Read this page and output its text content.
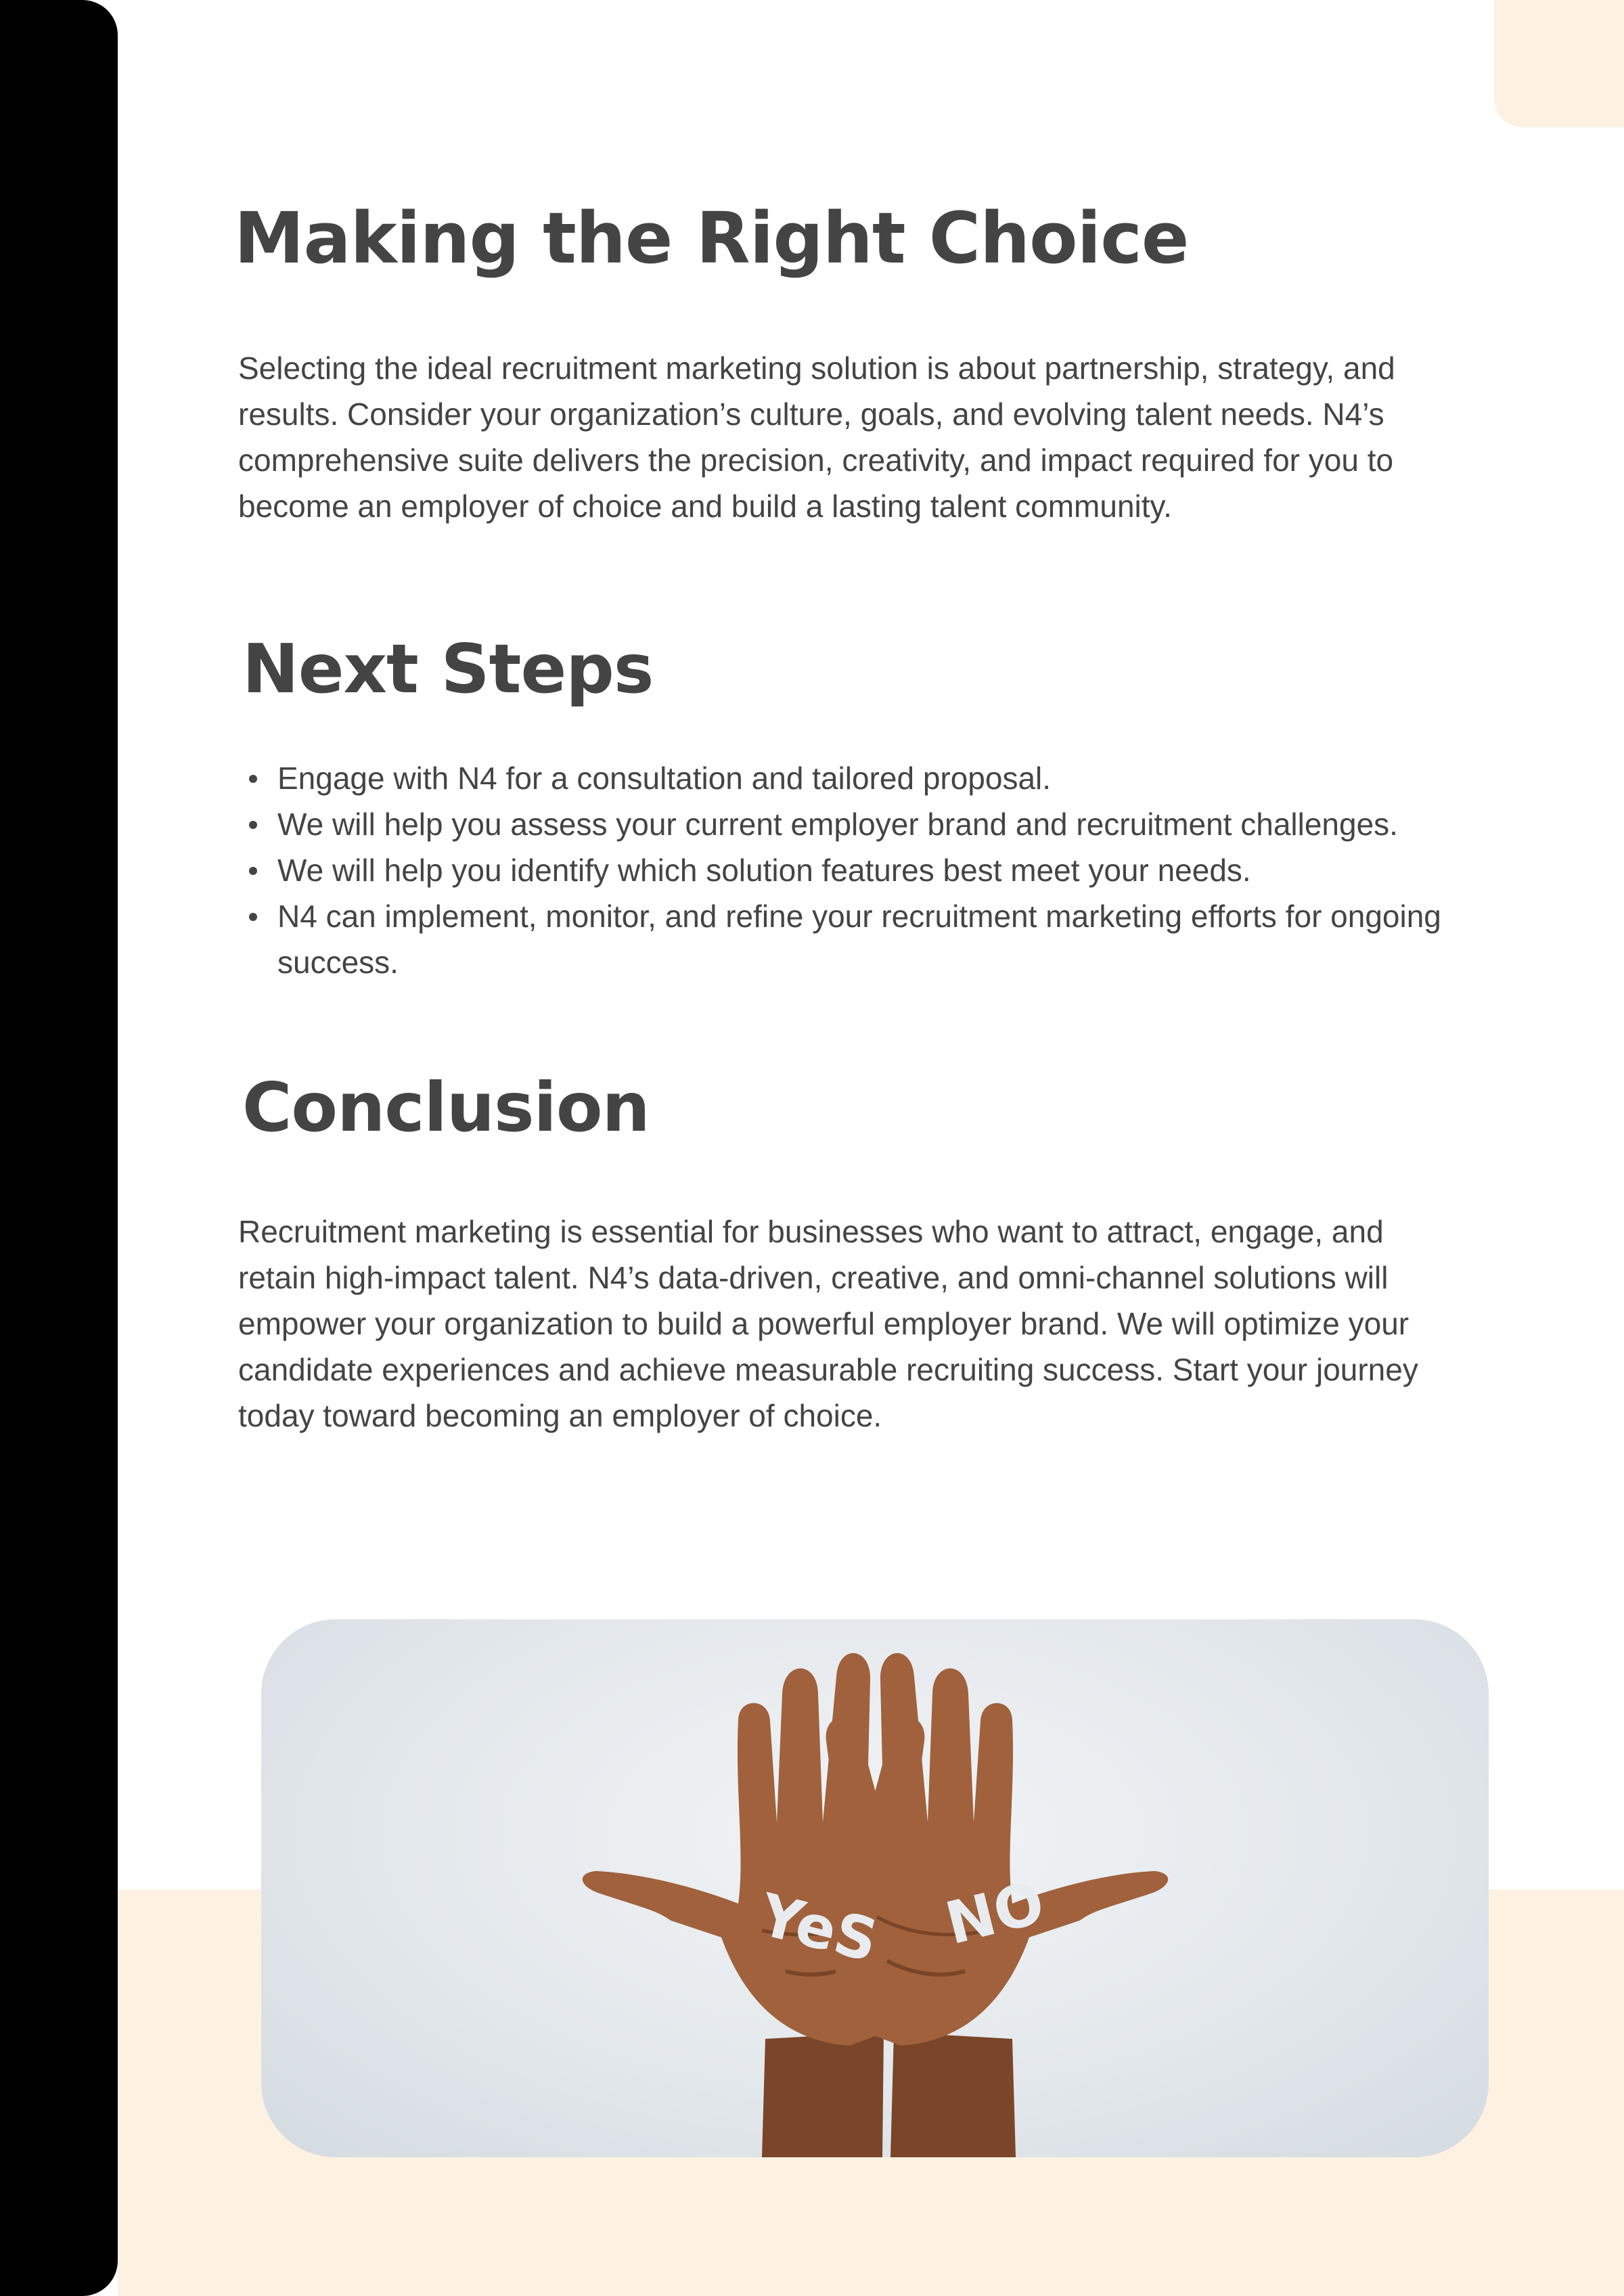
Making the Right Choice

Selecting the ideal recruitment marketing solution is about partnership, strategy, and results. Consider your organization’s culture, goals, and evolving talent needs. N4’s comprehensive suite delivers the precision, creativity, and impact required for you to become an employer of choice and build a lasting talent community.

Next Steps
Engage with N4 for a consultation and tailored proposal.
We will help you assess your current employer brand and recruitment challenges.
We will help you identify which solution features best meet your needs.
N4 can implement, monitor, and refine your recruitment marketing efforts for ongoing success.
Conclusion

Recruitment marketing is essential for businesses who want to attract, engage, and retain high-impact talent. N4’s data-driven, creative, and omni-channel solutions will empower your organization to build a powerful employer brand. We will optimize your candidate experiences and achieve measurable recruiting success. Start your journey today toward becoming an employer of choice.

YeS NO
